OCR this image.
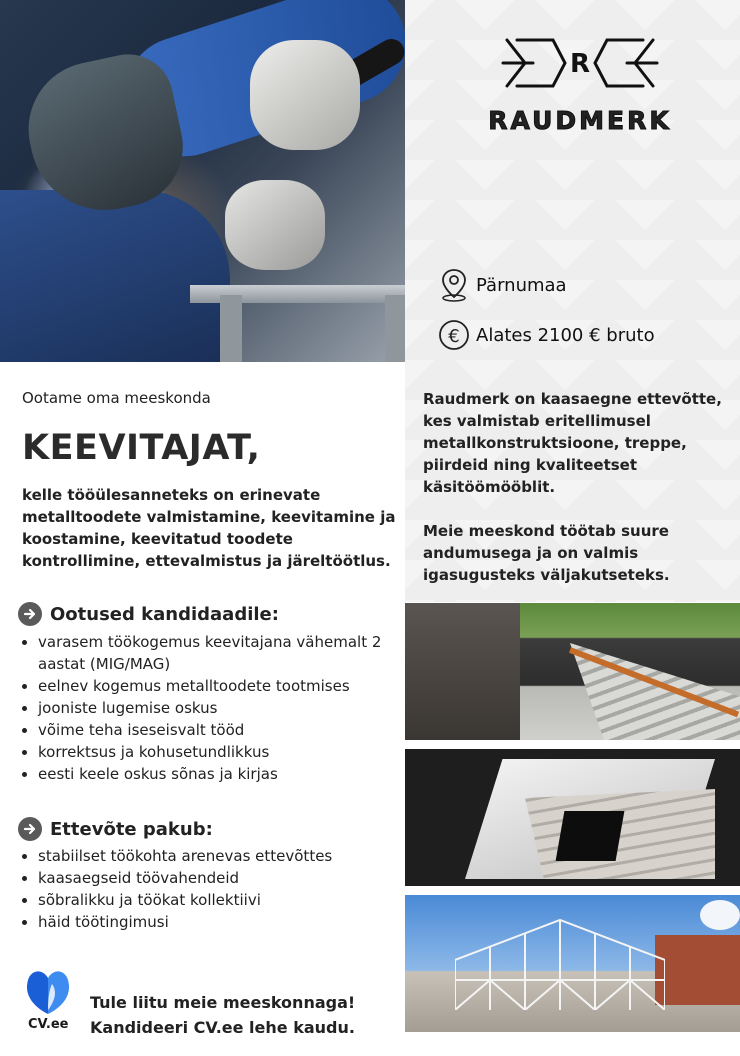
R
RAUDMERK
Pärnumaa
€ Alates 2100 € bruto

Raudmerk on kaasaegne ettevõtte, kes valmistab eritellimusel metallkonstruktsioone, treppe, piirdeid ning kvaliteetset käsitöömööblit.

Meie meeskond töötab suure andumusega ja on valmis igasugusteks väljakutseteks.

Ootame oma meeskonda
KEEVITAJAT,
kelle tööülesanneteks on erinevate metalltoodete valmistamine, keevitamine ja koostamine, keevitatud toodete kontrollimine, ettevalmistus ja järeltöötlus.
Ootused kandidaadile:
• varasem töökogemus keevitajana vähemalt 2 aastat (MIG/MAG)
• eelnev kogemus metalltoodete tootmises
• jooniste lugemise oskus
• võime teha iseseisvalt tööd
• korrektsus ja kohusetundlikkus
• eesti keele oskus sõnas ja kirjas
Ettevõte pakub:
• stabiilset töökohta arenevas ettevõttes
• kaasaegseid töövahendeid
• sõbralikku ja töökat kollektiivi
• häid töötingimusi
CV.ee
Tule liitu meie meeskonnaga!
Kandideeri CV.ee lehe kaudu.
